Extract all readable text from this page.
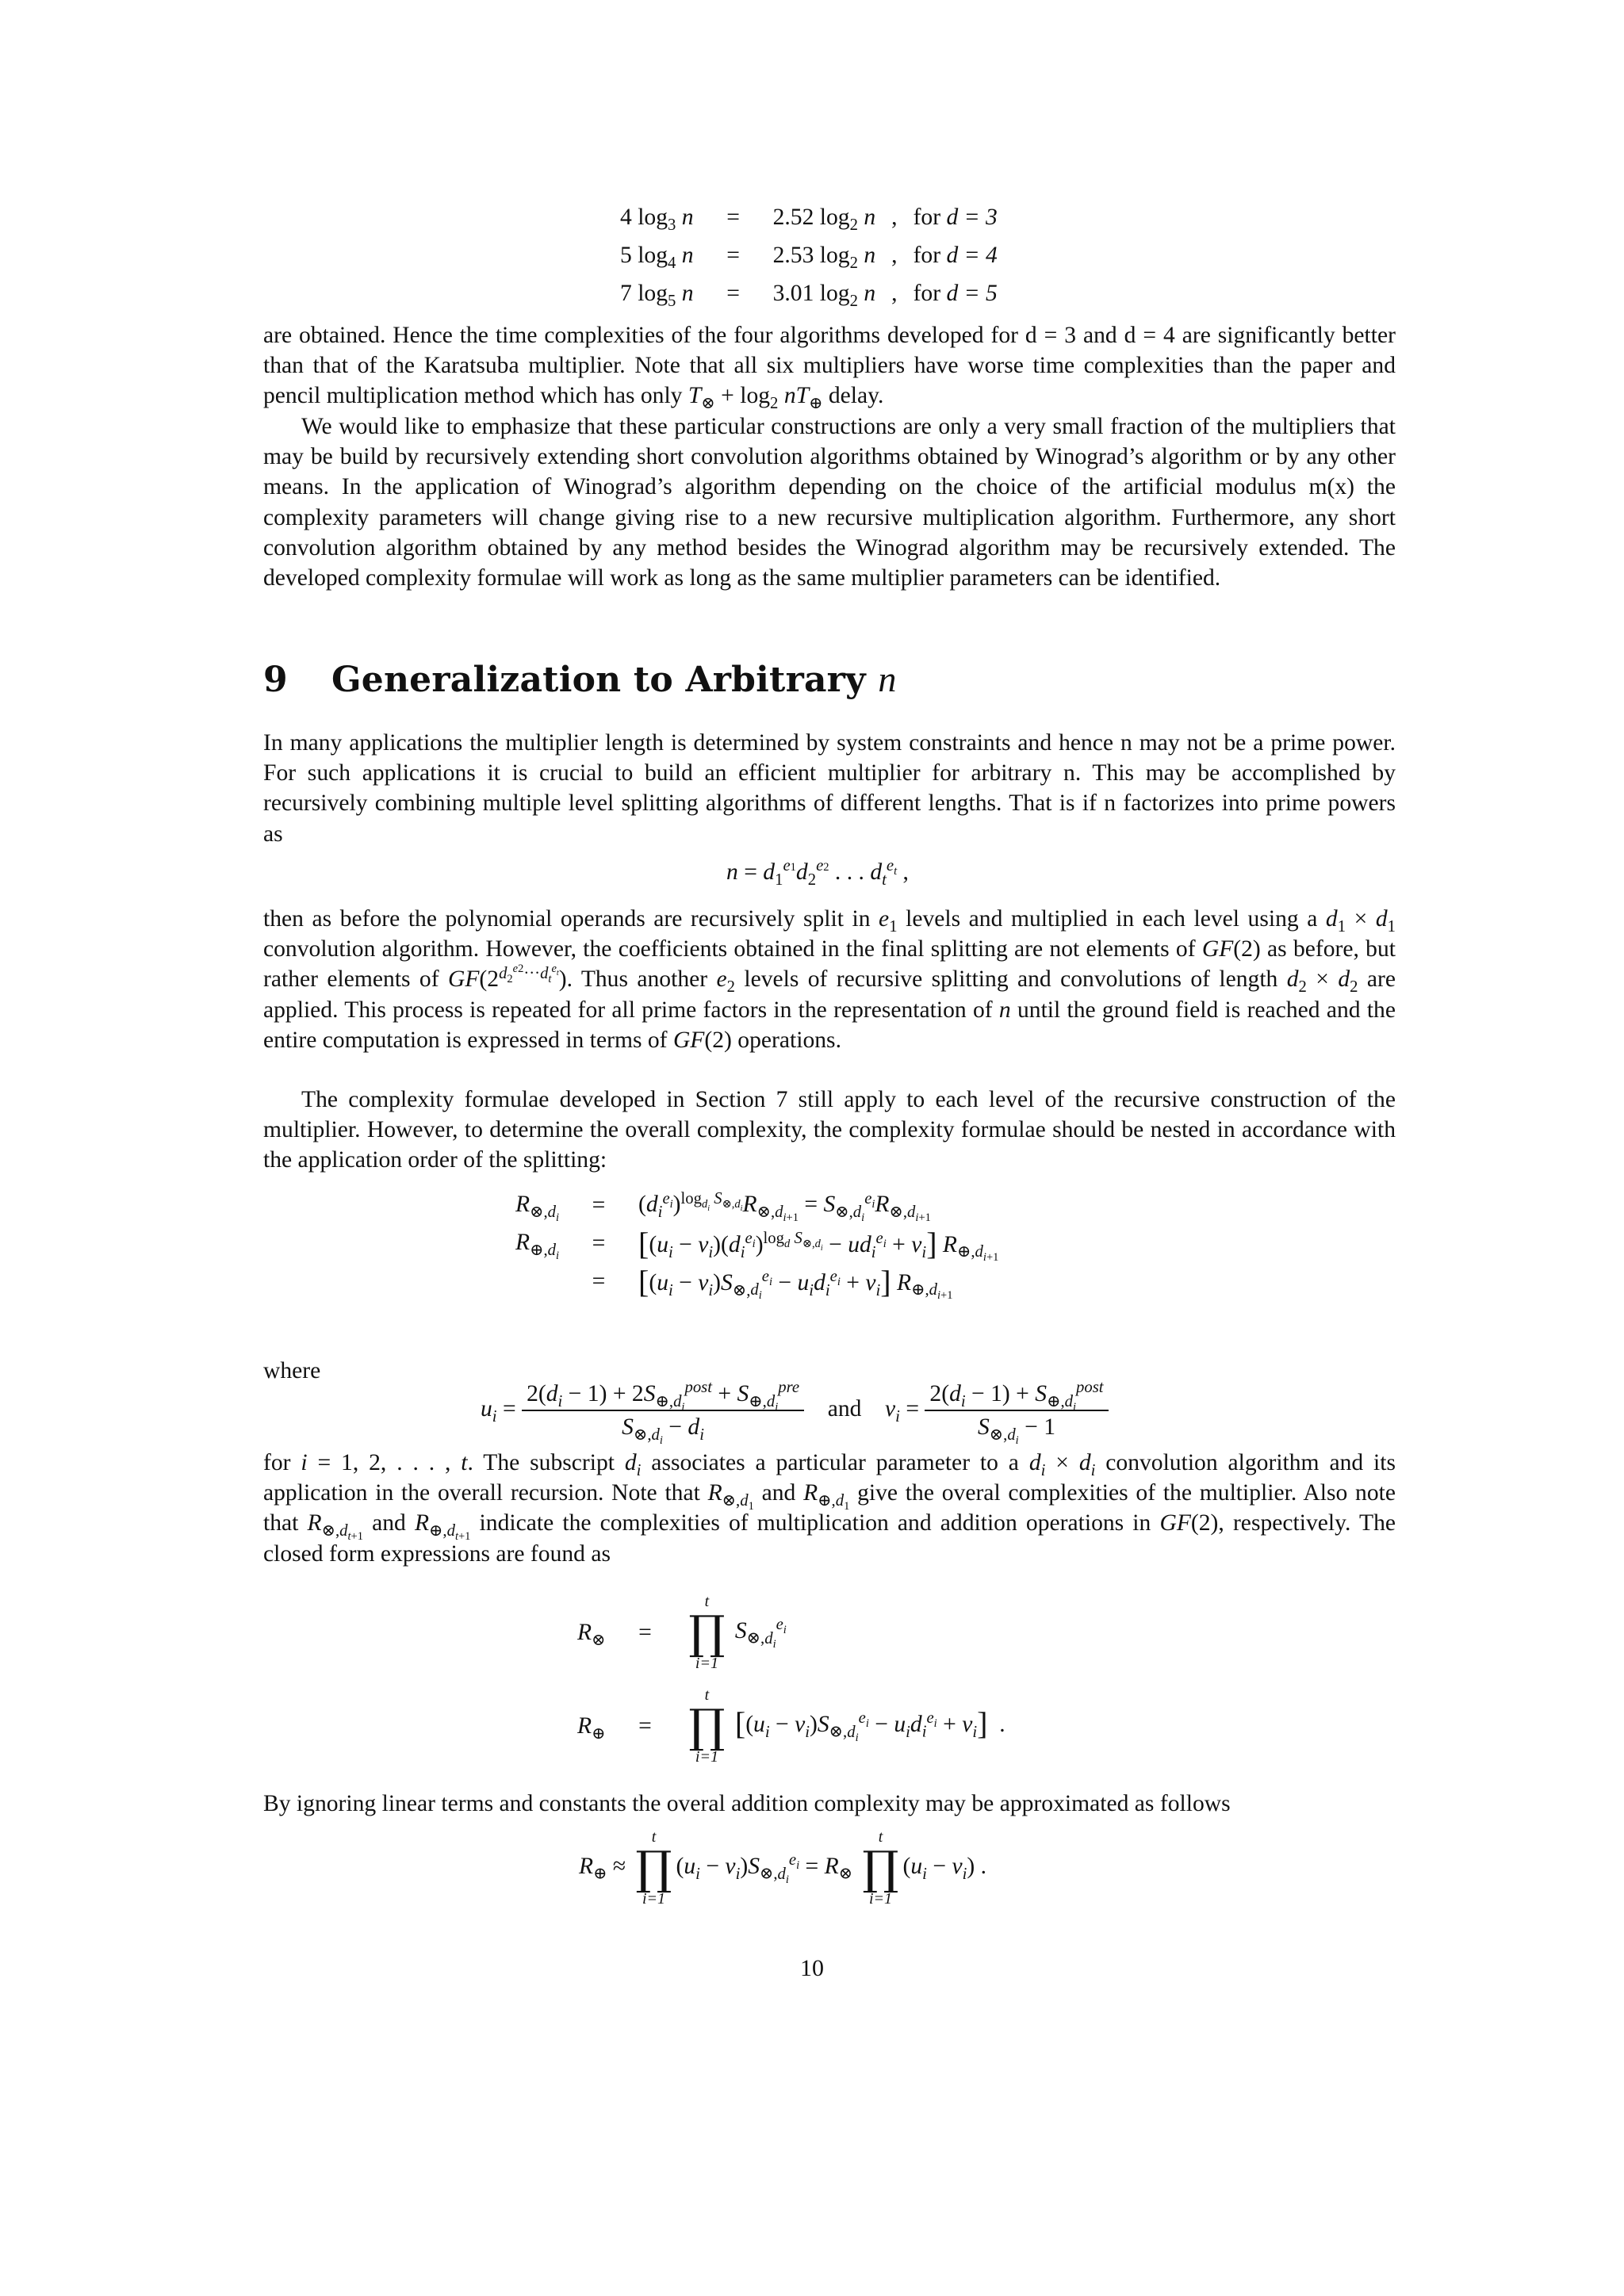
4 $\log_3 n$	=	2.52 $\log_2 n$	,	for d = 3
5 $\log_4 n$	=	2.53 $\log_2 n$	,	for d = 4
7 $\log_5 n$	=	3.01 $\log_2 n$	,	for d = 5

are obtained. Hence the time complexities of the four algorithms developed for d = 3 and d = 4 are significantly better than that of the Karatsuba multiplier. Note that all six multipliers have worse time complexities than the paper and pencil multiplication method which has only $T_\otimes + \log_2 nT_\oplus$ delay.

We would like to emphasize that these particular constructions are only a very small fraction of the multipliers that may be build by recursively extending short convolution algorithms obtained by Winograd’s algorithm or by any other means. In the application of Winograd’s algorithm depending on the choice of the artificial modulus m(x) the complexity parameters will change giving rise to a new recursive multiplication algorithm. Furthermore, any short convolution algorithm obtained by any method besides the Winograd algorithm may be recursively extended. The developed complexity formulae will work as long as the same multiplier parameters can be identified.

9 Generalization to Arbitrary n

In many applications the multiplier length is determined by system constraints and hence n may not be a prime power. For such applications it is crucial to build an efficient multiplier for arbitrary n. This may be accomplished by recursively combining multiple level splitting algorithms of different lengths. That is if n factorizes into prime powers as

$n = d_1^{e1}d_2^{e2}$ . . . $d_t^{e_t}$ ,

then as before the polynomial operands are recursively split in $e_1$ levels and multiplied in each level using a $d_1 \times d_1$ convolution algorithm. However, the coefficients obtained in the final splitting are not elements of GF(2) as before, but rather elements of $GF(2^{d_2^{e2}\cdot\cdot\cdot d_t^{e_t}})$. Thus another $e_2$ levels of recursive splitting and convolutions of length $d_2 \times d_2$ are applied. This process is repeated for all prime factors in the representation of n until the ground field is reached and the entire computation is expressed in terms of GF(2) operations.

The complexity formulae developed in Section 7 still apply to each level of the recursive construction of the multiplier. However, to determine the overall complexity, the complexity formulae should be nested in accordance with the application order of the splitting:

$R_{\otimes,d_i}$	=	$(d_i^{e_i})^{log_{d_i} S_{\otimes,d_i}}R_{\otimes,d_{i+1}} = S_{\otimes,d_i}^{e_i}R_{\otimes,d_{i+1}}$
$R_{\oplus,d_i}$	=	$[(u_i - v_i)(d_i^{e_i})^{log_d S_{\otimes,d_i}} - ud_i^{e_i} + v_i]$ $R_{\oplus,d_{i+1}}$
	=	$[(u_i - v_i)S_{\otimes,d_i}^{e_i} - u_id_i^{e_i} + v_i]$ $R_{\oplus,d_{i+1}}$

where

$u_i = \frac{2(d_i - 1) + 2S_{\oplus,d_i}^{post} + S_{\oplus,d_i}^{pre}}{S_{\otimes,d_i} - d_i}$ and $v_i = \frac{2(d_i - 1) + S_{\oplus,d_i}^{post}}{S_{\otimes,d_i} - 1}$

for i = 1, 2, . . . , t. The subscript $d_i$ associates a particular parameter to a $d_i \times d_i$ convolution algorithm and its application in the overall recursion. Note that $R_{\otimes,d_1}$ and $R_{\oplus,d_1}$ give the overal complexities of the multiplier. Also note that $R_{\otimes,d_{t+1}}$ and $R_{\oplus,d_{t+1}}$ indicate the complexities of multiplication and addition operations in GF(2), respectively. The closed form expressions are found as

$R_\otimes$	=	t
∏
i=1
$S_{\otimes,d_i}^{e_i}$
$R_\oplus$	=	t
∏
i=1
$[(u_i - v_i)S_{\otimes,d_i}^{e_i} - u_id_i^{e_i} + v_i]$  .

By ignoring linear terms and constants the overal addition complexity may be approximated as follows

$R_\oplus$ ≈
t
∏
i=1
$(u_i - v_i)S_{\otimes,d_i}^{e_i} = R_\otimes$
t
∏
i=1
$(u_i - v_i)$ .
10
